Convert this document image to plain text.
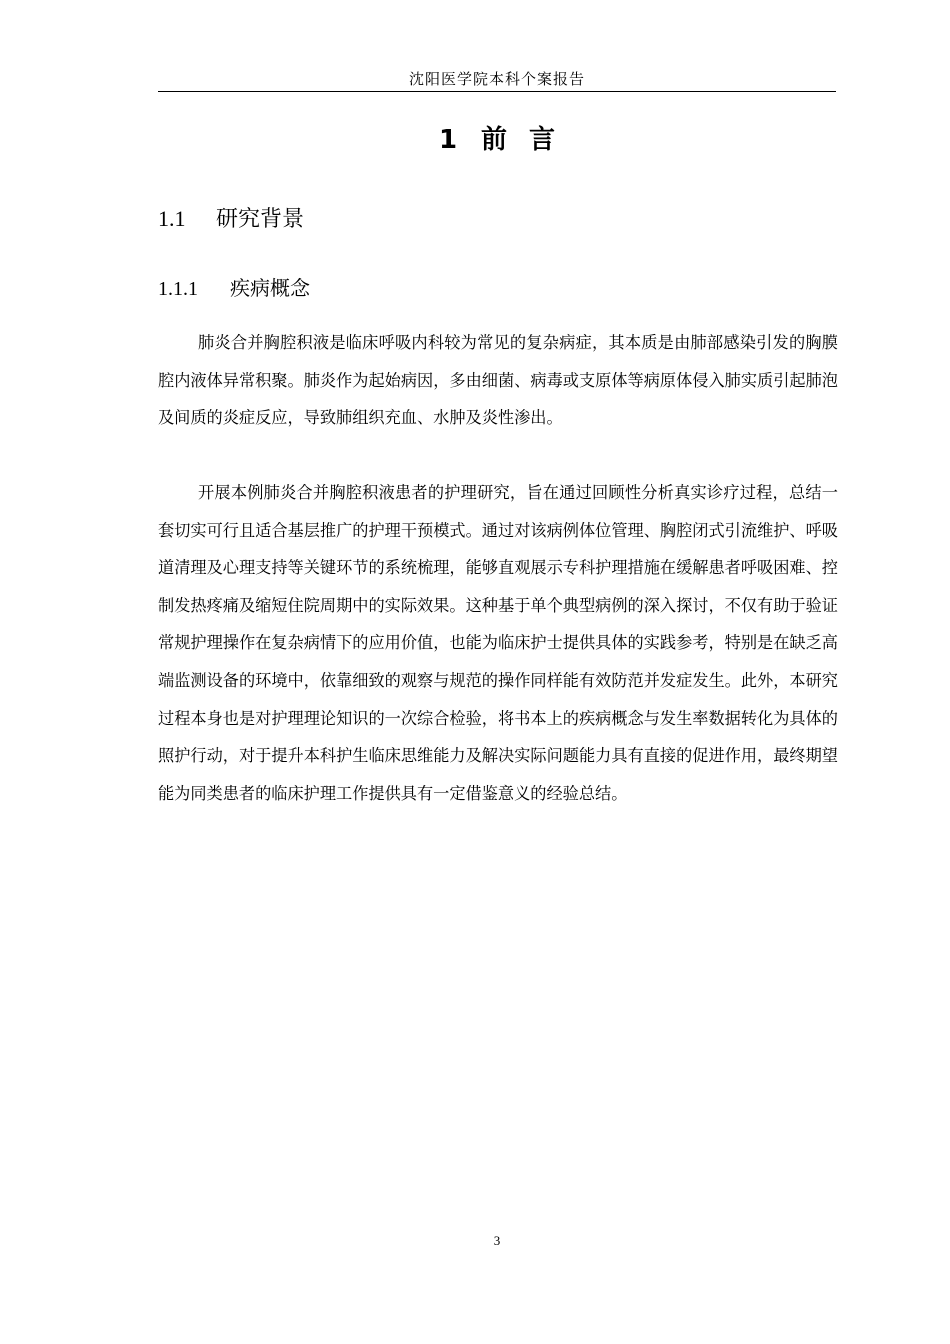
沈阳医学院本科个案报告
1 前 言
1.1 研究背景
1.1.1 疾病概念

肺炎合并胸腔积液是临床呼吸内科较为常见的复杂病症，其本质是由肺部感染引发的胸膜腔内液体异常积聚。肺炎作为起始病因，多由细菌、病毒或支原体等病原体侵入肺实质引起肺泡及间质的炎症反应，导致肺组织充血、水肿及炎性渗出。

开展本例肺炎合并胸腔积液患者的护理研究，旨在通过回顾性分析真实诊疗过程，总结一套切实可行且适合基层推广的护理干预模式。通过对该病例体位管理、胸腔闭式引流维护、呼吸道清理及心理支持等关键环节的系统梳理，能够直观展示专科护理措施在缓解患者呼吸困难、控制发热疼痛及缩短住院周期中的实际效果。这种基于单个典型病例的深入探讨，不仅有助于验证常规护理操作在复杂病情下的应用价值，也能为临床护士提供具体的实践参考，特别是在缺乏高端监测设备的环境中，依靠细致的观察与规范的操作同样能有效防范并发症发生。此外，本研究过程本身也是对护理理论知识的一次综合检验，将书本上的疾病概念与发生率数据转化为具体的照护行动，对于提升本科护生临床思维能力及解决实际问题能力具有直接的促进作用，最终期望能为同类患者的临床护理工作提供具有一定借鉴意义的经验总结。

3
